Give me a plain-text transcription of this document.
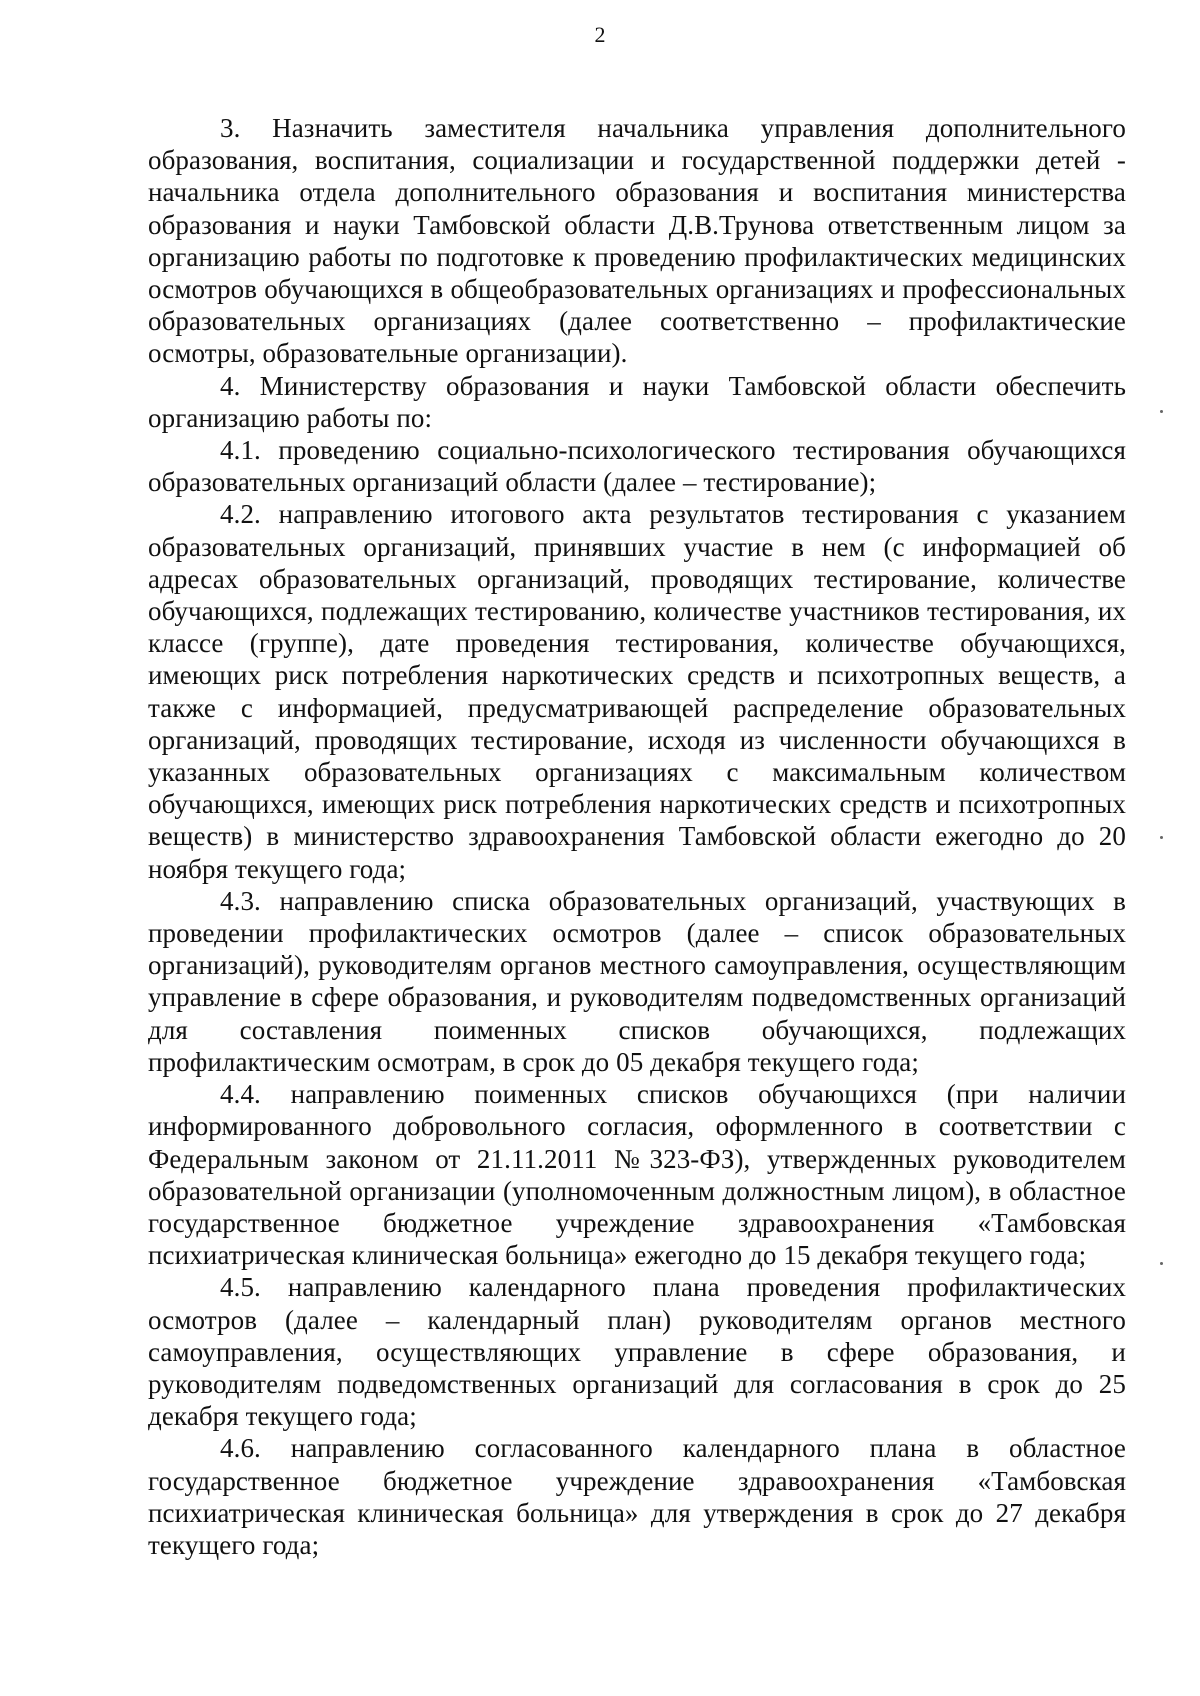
2

3. Назначить заместителя начальника управления дополнительного образования, воспитания, социализации и государственной поддержки детей - начальника отдела дополнительного образования и воспитания министерства образования и науки Тамбовской области Д.В.Трунова ответственным лицом за организацию работы по подготовке к проведению профилактических медицинских осмотров обучающихся в общеобразовательных организациях и профессиональных образовательных организациях (далее соответственно – профилактические осмотры, образовательные организации).

4. Министерству образования и науки Тамбовской области обеспечить организацию работы по:

4.1. проведению социально-психологического тестирования обучающихся образовательных организаций области (далее – тестирование);

4.2. направлению итогового акта результатов тестирования с указанием образовательных организаций, принявших участие в нем (с информацией об адресах образовательных организаций, проводящих тестирование, количестве обучающихся, подлежащих тестированию, количестве участников тестирования, их классе (группе), дате проведения тестирования, количестве обучающихся, имеющих риск потребления наркотических средств и психотропных веществ, а также с информацией, предусматривающей распределение образовательных организаций, проводящих тестирование, исходя из численности обучающихся в указанных образовательных организациях с максимальным количеством обучающихся, имеющих риск потребления наркотических средств и психотропных веществ) в министерство здравоохранения Тамбовской области ежегодно до 20 ноября текущего года;

4.3. направлению списка образовательных организаций, участвующих в проведении профилактических осмотров (далее – список образовательных организаций), руководителям органов местного самоуправления, осуществляющим управление в сфере образования, и руководителям подведомственных организаций для составления поименных списков обучающихся, подлежащих профилактическим осмотрам, в срок до 05 декабря текущего года;

4.4. направлению поименных списков обучающихся (при наличии информированного добровольного согласия, оформленного в соответствии с Федеральным законом от 21.11.2011 №323-ФЗ), утвержденных руководителем образовательной организации (уполномоченным должностным лицом), в областное государственное бюджетное учреждение здравоохранения «Тамбовская психиатрическая клиническая больница» ежегодно до 15 декабря текущего года;

4.5. направлению календарного плана проведения профилактических осмотров (далее – календарный план) руководителям органов местного самоуправления, осуществляющих управление в сфере образования, и руководителям подведомственных организаций для согласования в срок до 25 декабря текущего года;

4.6. направлению согласованного календарного плана в областное государственное бюджетное учреждение здравоохранения «Тамбовская психиатрическая клиническая больница» для утверждения в срок до 27 декабря текущего года;
